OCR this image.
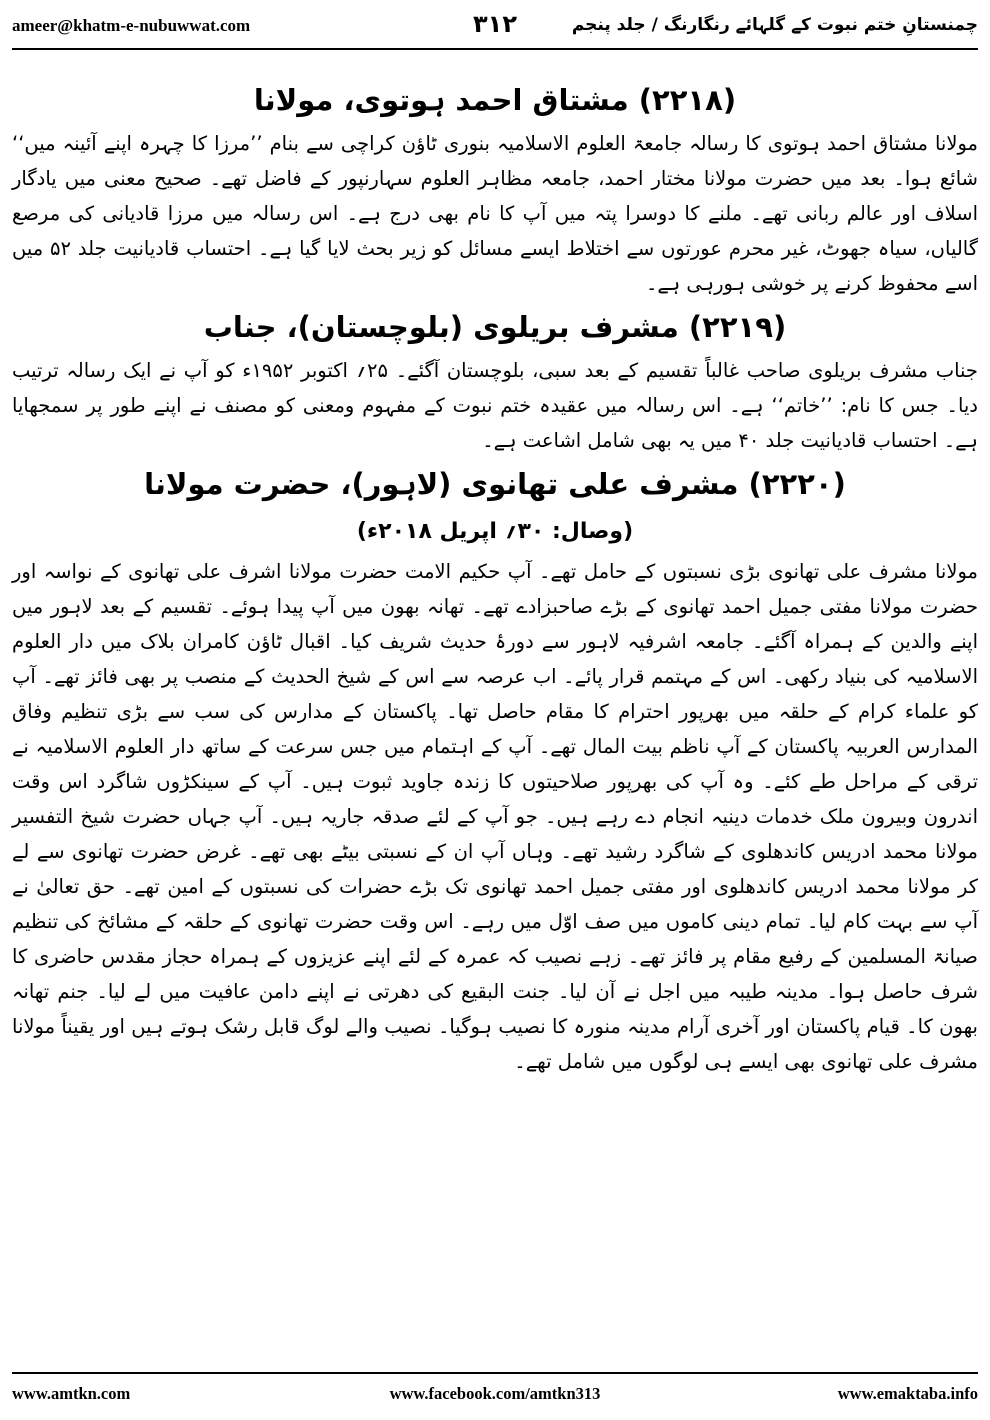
ameer@khatm-e-nubuwwat.com	۳۱۲	چمنستانِ ختم نبوت کے گلہائے رنگارنگ / جلد پنجم
(۲۲۱۸) مشتاق احمد ہوتوی، مولانا

مولانا مشتاق احمد ہوتوی کا رسالہ جامعۃ العلوم الاسلامیہ بنوری ٹاؤن کراچی سے بنام ’’مرزا کا چہرہ اپنے آئینہ میں‘‘ شائع ہوا۔ بعد میں حضرت مولانا مختار احمد، جامعہ مظاہر العلوم سہارنپور کے فاضل تھے۔ صحیح معنی میں یادگار اسلاف اور عالم ربانی تھے۔ ملنے کا دوسرا پتہ میں آپ کا نام بھی درج ہے۔ اس رسالہ میں مرزا قادیانی کی مرصع گالیاں، سیاہ جھوٹ، غیر محرم عورتوں سے اختلاط ایسے مسائل کو زیر بحث لایا گیا ہے۔ احتساب قادیانیت جلد ۵۲ میں اسے محفوظ کرنے پر خوشی ہورہی ہے۔

(۲۲۱۹) مشرف بریلوی (بلوچستان)، جناب

جناب مشرف بریلوی صاحب غالباً تقسیم کے بعد سبی، بلوچستان آگئے۔ ۲۵؍ اکتوبر ۱۹۵۲ء کو آپ نے ایک رسالہ ترتیب دیا۔ جس کا نام: ’’خاتم‘‘ ہے۔ اس رسالہ میں عقیدہ ختم نبوت کے مفہوم ومعنی کو مصنف نے اپنے طور پر سمجھایا ہے۔ احتساب قادیانیت جلد ۴۰ میں یہ بھی شامل اشاعت ہے۔

(۲۲۲۰) مشرف علی تھانوی (لاہور)، حضرت مولانا
(وصال: ۳۰؍ اپریل ۲۰۱۸ء)

مولانا مشرف علی تھانوی بڑی نسبتوں کے حامل تھے۔ آپ حکیم الامت حضرت مولانا اشرف علی تھانوی کے نواسہ اور حضرت مولانا مفتی جمیل احمد تھانوی کے بڑے صاحبزادے تھے۔ تھانہ بھون میں آپ پیدا ہوئے۔ تقسیم کے بعد لاہور میں اپنے والدین کے ہمراہ آگئے۔ جامعہ اشرفیہ لاہور سے دورۂ حدیث شریف کیا۔ اقبال ٹاؤن کامران بلاک میں دار العلوم الاسلامیہ کی بنیاد رکھی۔ اس کے مہتمم قرار پائے۔ اب عرصہ سے اس کے شیخ الحدیث کے منصب پر بھی فائز تھے۔ آپ کو علماء کرام کے حلقہ میں بھرپور احترام کا مقام حاصل تھا۔ پاکستان کے مدارس کی سب سے بڑی تنظیم وفاق المدارس العربیہ پاکستان کے آپ ناظم بیت المال تھے۔ آپ کے اہتمام میں جس سرعت کے ساتھ دار العلوم الاسلامیہ نے ترقی کے مراحل طے کئے۔ وہ آپ کی بھرپور صلاحیتوں کا زندہ جاوید ثبوت ہیں۔ آپ کے سینکڑوں شاگرد اس وقت اندرون وبیرون ملک خدمات دینیہ انجام دے رہے ہیں۔ جو آپ کے لئے صدقہ جاریہ ہیں۔ آپ جہاں حضرت شیخ التفسیر مولانا محمد ادریس کاندھلوی کے شاگرد رشید تھے۔ وہاں آپ ان کے نسبتی بیٹے بھی تھے۔ غرض حضرت تھانوی سے لے کر مولانا محمد ادریس کاندھلوی اور مفتی جمیل احمد تھانوی تک بڑے حضرات کی نسبتوں کے امین تھے۔ حق تعالیٰ نے آپ سے بہت کام لیا۔ تمام دینی کاموں میں صف اوّل میں رہے۔ اس وقت حضرت تھانوی کے حلقہ کے مشائخ کی تنظیم صیانۃ المسلمین کے رفیع مقام پر فائز تھے۔ زہے نصیب کہ عمرہ کے لئے اپنے عزیزوں کے ہمراہ حجاز مقدس حاضری کا شرف حاصل ہوا۔ مدینہ طیبہ میں اجل نے آن لیا۔ جنت البقیع کی دھرتی نے اپنے دامن عافیت میں لے لیا۔ جنم تھانہ بھون کا۔ قیام پاکستان اور آخری آرام مدینہ منورہ کا نصیب ہوگیا۔ نصیب والے لوگ قابل رشک ہوتے ہیں اور یقیناً مولانا مشرف علی تھانوی بھی ایسے ہی لوگوں میں شامل تھے۔

www.amtkn.com	www.facebook.com/amtkn313	www.emaktaba.info
